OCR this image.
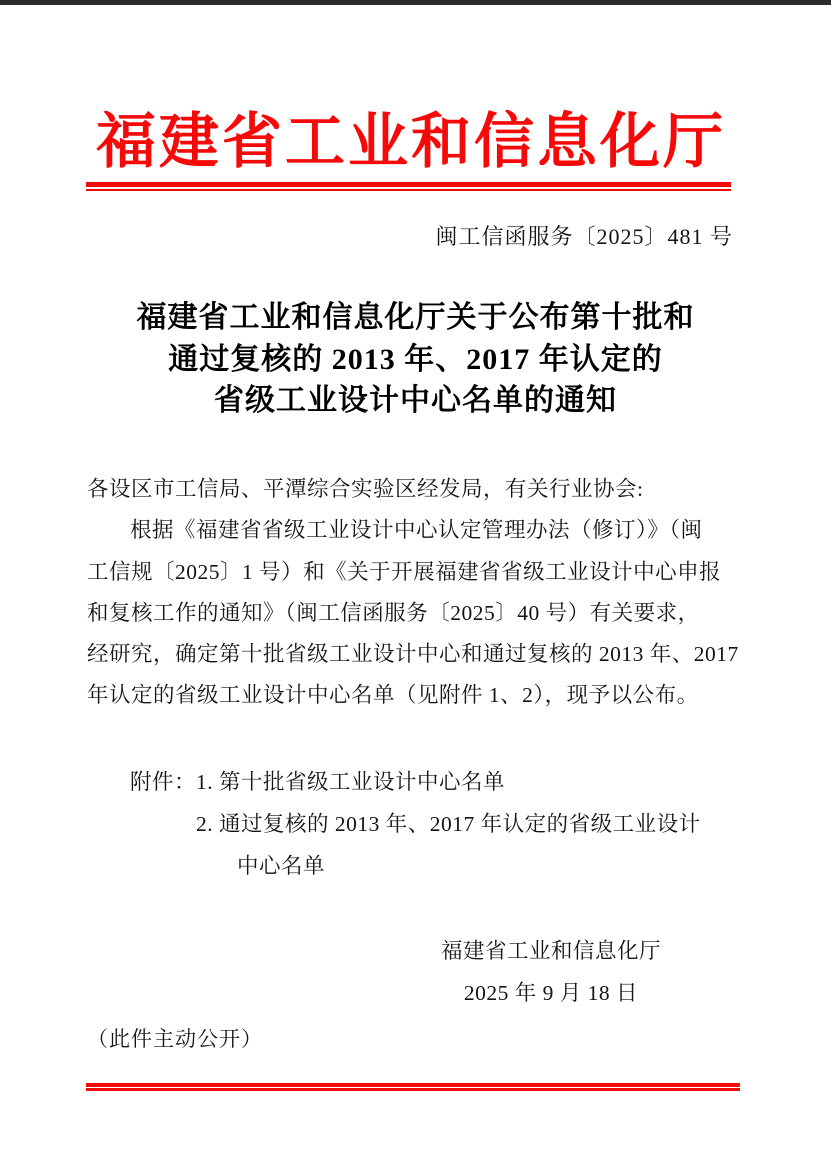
福建省工业和信息化厅
闽工信函服务〔2025〕481 号
福建省工业和信息化厅关于公布第十批和
通过复核的 2013 年、2017 年认定的
省级工业设计中心名单的通知
各设区市工信局、平潭综合实验区经发局，有关行业协会:
根据《福建省省级工业设计中心认定管理办法（修订）》（闽
工信规〔2025〕1 号）和《关于开展福建省省级工业设计中心申报
和复核工作的通知》（闽工信函服务〔2025〕40 号）有关要求，
经研究，确定第十批省级工业设计中心和通过复核的 2013 年、2017
年认定的省级工业设计中心名单（见附件 1、2），现予以公布。
附件：1. 第十批省级工业设计中心名单
2. 通过复核的 2013 年、2017 年认定的省级工业设计
中心名单
福建省工业和信息化厅
2025 年 9 月 18 日
（此件主动公开）
